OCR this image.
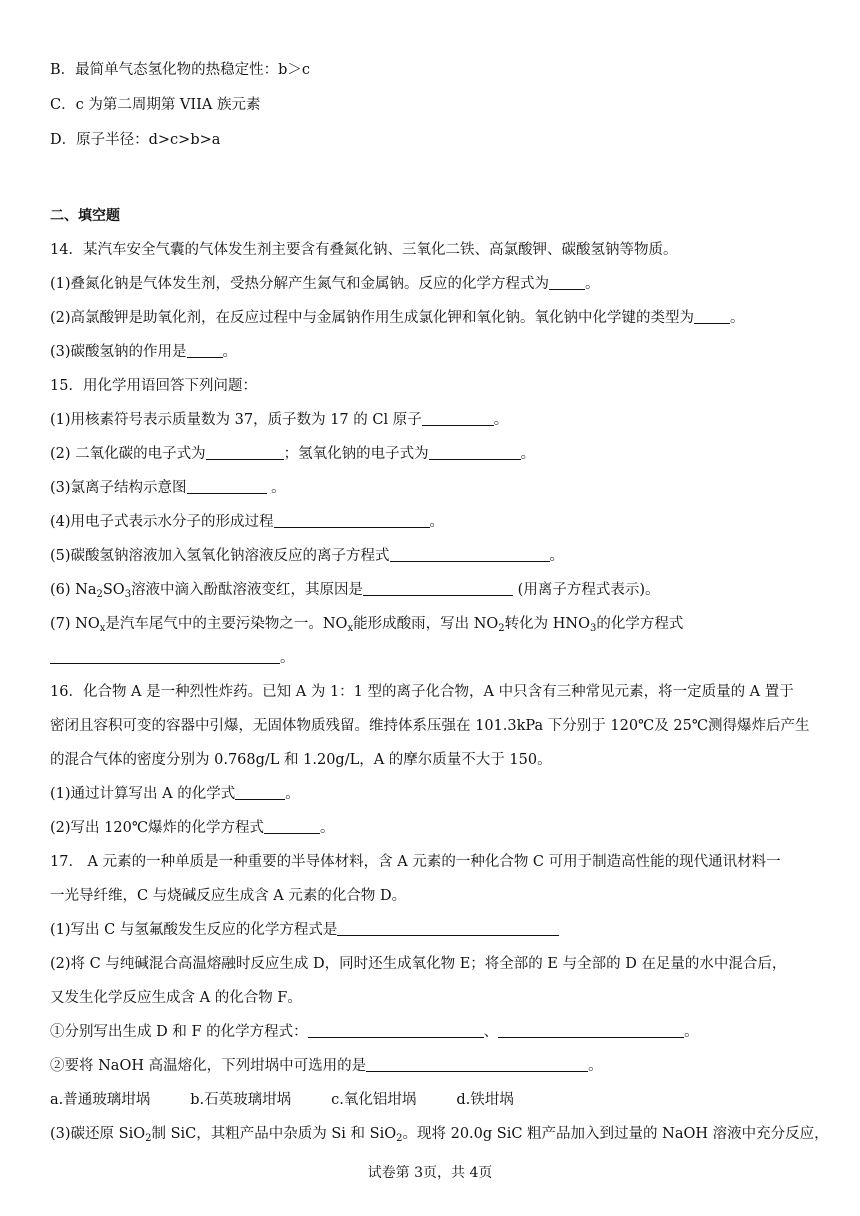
B．最简单气态氢化物的热稳定性：b＞c
C．c 为第二周期第 VIIA 族元素
D．原子半径：d>c>b>a
二、填空题
14．某汽车安全气囊的气体发生剂主要含有叠氮化钠、三氧化二铁、高氯酸钾、碳酸氢钠等物质。
(1)叠氮化钠是气体发生剂，受热分解产生氮气和金属钠。反应的化学方程式为 。
(2)高氯酸钾是助氧化剂，在反应过程中与金属钠作用生成氯化钾和氧化钠。氧化钠中化学键的类型为 。
(3)碳酸氢钠的作用是 。
15．用化学用语回答下列问题：
(1)用核素符号表示质量数为 37，质子数为 17 的 Cl 原子	。
(2) 二氧化碳的电子式为	；氢氧化钠的电子式为	。
(3)氯离子结构示意图	。
(4)用电子式表示水分子的形成过程	。
(5)碳酸氢钠溶液加入氢氧化钠溶液反应的离子方程式	。
(6) $Na_2SO_3$溶液中滴入酚酞溶液变红，其原因是	(用离子方程式表示)。
(7) $NO_x$是汽车尾气中的主要污染物之一。$NO_x$能形成酸雨，写出 $NO_2$转化为 $HNO_3$的化学方程式
。
16．化合物 A 是一种烈性炸药。已知 A 为 1：1 型的离子化合物，A 中只含有三种常见元素，将一定质量的 A 置于
密闭且容积可变的容器中引爆，无固体物质残留。维持体系压强在 101.3kPa 下分别于 120℃及 25℃测得爆炸后产生
的混合气体的密度分别为 0.768g/L 和 1.20g/L，A 的摩尔质量不大于 150。
(1)通过计算写出 A 的化学式	。
(2)写出 120℃爆炸的化学方程式	。
17． A 元素的一种单质是一种重要的半导体材料，含 A 元素的一种化合物 C 可用于制造高性能的现代通讯材料一
一光导纤维，C 与烧碱反应生成含 A 元素的化合物 D。
(1)写出 C 与氢氟酸发生反应的化学方程式是
(2)将 C 与纯碱混合高温熔融时反应生成 D，同时还生成氧化物 E；将全部的 E 与全部的 D 在足量的水中混合后，
又发生化学反应生成含 A 的化合物 F。
①分别写出生成 D 和 F 的化学方程式：	、	。
②要将 NaOH 高温熔化，下列坩埚中可选用的是	。
a.普通玻璃坩埚	b.石英玻璃坩埚	c.氧化铝坩埚	d.铁坩埚
(3)碳还原 SiO$_2$制 SiC，其粗产品中杂质为 Si 和 SiO$_2$。现将 20.0g SiC 粗产品加入到过量的 NaOH 溶液中充分反应，
试卷第 3页，共 4页
